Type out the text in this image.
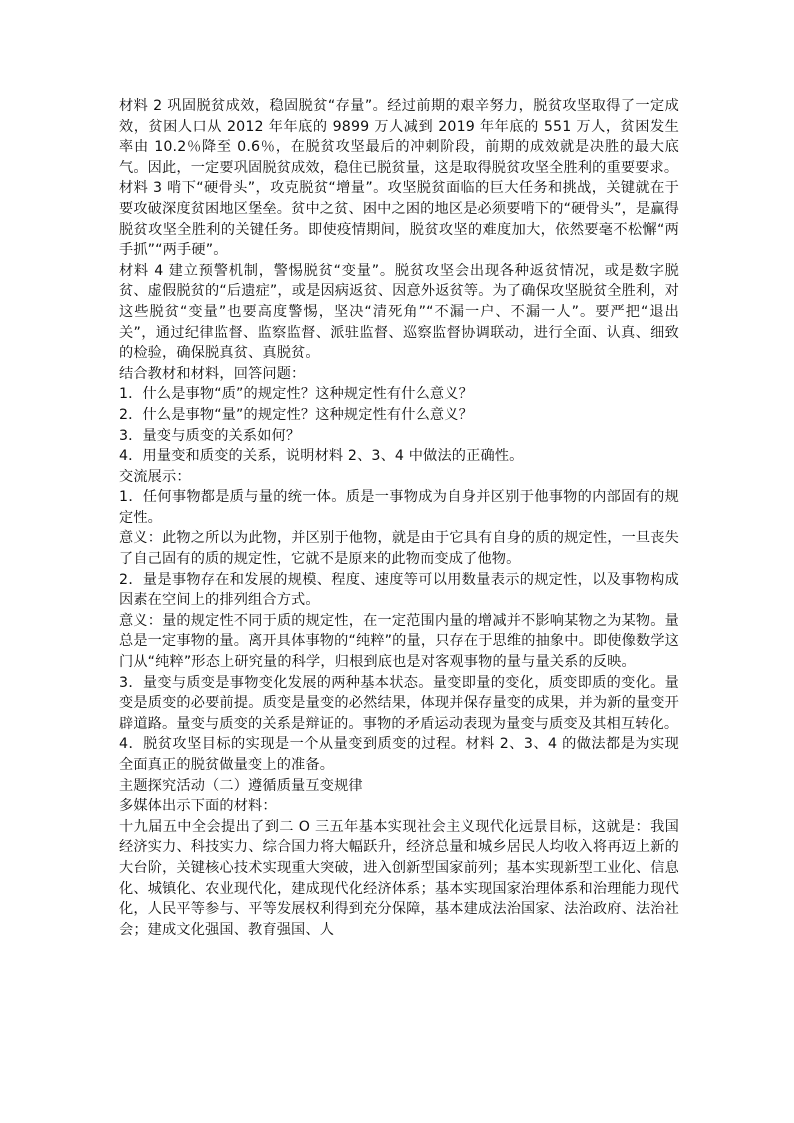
材料 2 巩固脱贫成效，稳固脱贫“存量”。经过前期的艰辛努力，脱贫攻坚取得了一定成效，贫困人口从 2012 年年底的 9899 万人减到 2019 年年底的 551 万人，贫困发生率由 10.2％降至 0.6％，在脱贫攻坚最后的冲刺阶段，前期的成效就是决胜的最大底气。因此，一定要巩固脱贫成效，稳住已脱贫量，这是取得脱贫攻坚全胜利的重要要求。

材料 3 啃下“硬骨头”，攻克脱贫“增量”。攻坚脱贫面临的巨大任务和挑战，关键就在于要攻破深度贫困地区堡垒。贫中之贫、困中之困的地区是必须要啃下的“硬骨头”，是赢得脱贫攻坚全胜利的关键任务。即使疫情期间，脱贫攻坚的难度加大，依然要毫不松懈“两手抓”“两手硬”。

材料 4 建立预警机制，警惕脱贫“变量”。脱贫攻坚会出现各种返贫情况，或是数字脱贫、虚假脱贫的“后遗症”，或是因病返贫、因意外返贫等。为了确保攻坚脱贫全胜利，对这些脱贫“变量”也要高度警惕，坚决“清死角”“不漏一户、不漏一人”。要严把“退出关”，通过纪律监督、监察监督、派驻监督、巡察监督协调联动，进行全面、认真、细致的检验，确保脱真贫、真脱贫。

结合教材和材料，回答问题：

1．什么是事物“质”的规定性？这种规定性有什么意义？

2．什么是事物“量”的规定性？这种规定性有什么意义？

3．量变与质变的关系如何？

4．用量变和质变的关系，说明材料 2、3、4 中做法的正确性。

交流展示：

1．任何事物都是质与量的统一体。质是一事物成为自身并区别于他事物的内部固有的规定性。

意义：此物之所以为此物，并区别于他物，就是由于它具有自身的质的规定性，一旦丧失了自己固有的质的规定性，它就不是原来的此物而变成了他物。

2．量是事物存在和发展的规模、程度、速度等可以用数量表示的规定性，以及事物构成因素在空间上的排列组合方式。

意义：量的规定性不同于质的规定性，在一定范围内量的增减并不影响某物之为某物。量总是一定事物的量。离开具体事物的“纯粹”的量，只存在于思维的抽象中。即使像数学这门从“纯粹”形态上研究量的科学，归根到底也是对客观事物的量与量关系的反映。

3．量变与质变是事物变化发展的两种基本状态。量变即量的变化，质变即质的变化。量变是质变的必要前提。质变是量变的必然结果，体现并保存量变的成果，并为新的量变开辟道路。量变与质变的关系是辩证的。事物的矛盾运动表现为量变与质变及其相互转化。

4．脱贫攻坚目标的实现是一个从量变到质变的过程。材料 2、3、4 的做法都是为实现全面真正的脱贫做量变上的准备。

主题探究活动（二）遵循质量互变规律

多媒体出示下面的材料：

十九届五中全会提出了到二 O 三五年基本实现社会主义现代化远景目标，这就是：我国经济实力、科技实力、综合国力将大幅跃升，经济总量和城乡居民人均收入将再迈上新的大台阶，关键核心技术实现重大突破，进入创新型国家前列；基本实现新型工业化、信息化、城镇化、农业现代化，建成现代化经济体系；基本实现国家治理体系和治理能力现代化，人民平等参与、平等发展权利得到充分保障，基本建成法治国家、法治政府、法治社会；建成文化强国、教育强国、人
